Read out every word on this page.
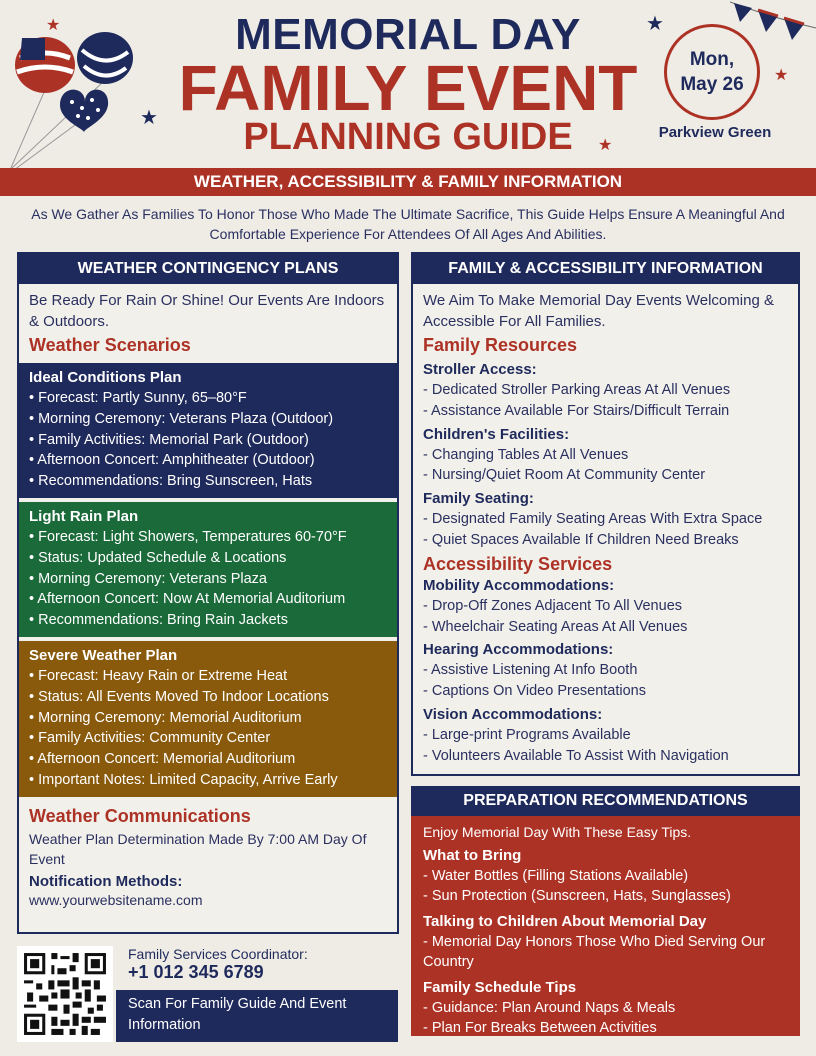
★
★
★
★
★
MEMORIAL DAY
FAMILY EVENT
PLANNING GUIDE
Mon,
May 26
Parkview Green
WEATHER, ACCESSIBILITY & FAMILY INFORMATION
As We Gather As Families To Honor Those Who Made The Ultimate Sacrifice, This Guide Helps Ensure A Meaningful And Comfortable Experience For Attendees Of All Ages And Abilities.
WEATHER CONTINGENCY PLANS
Be Ready For Rain Or Shine! Our Events Are Indoors & Outdoors.
Weather Scenarios
Ideal Conditions Plan
• Forecast: Partly Sunny, 65–80°F
• Morning Ceremony: Veterans Plaza (Outdoor)
• Family Activities: Memorial Park (Outdoor)
• Afternoon Concert: Amphitheater (Outdoor)
• Recommendations: Bring Sunscreen, Hats
Light Rain Plan
• Forecast: Light Showers, Temperatures 60-70°F
• Status: Updated Schedule & Locations
• Morning Ceremony: Veterans Plaza
• Afternoon Concert: Now At Memorial Auditorium
• Recommendations: Bring Rain Jackets
Severe Weather Plan
• Forecast: Heavy Rain or Extreme Heat
• Status: All Events Moved To Indoor Locations
• Morning Ceremony: Memorial Auditorium
• Family Activities: Community Center
• Afternoon Concert: Memorial Auditorium
• Important Notes: Limited Capacity, Arrive Early
Weather Communications
Weather Plan Determination Made By 7:00 AM Day Of Event
Notification Methods:
www.yourwebsitename.com
FAMILY & ACCESSIBILITY INFORMATION
We Aim To Make Memorial Day Events Welcoming & Accessible For All Families.
Family Resources
Stroller Access:
- Dedicated Stroller Parking Areas At All Venues
- Assistance Available For Stairs/Difficult Terrain
Children's Facilities:
- Changing Tables At All Venues
- Nursing/Quiet Room At Community Center
Family Seating:
- Designated Family Seating Areas With Extra Space
- Quiet Spaces Available If Children Need Breaks
Accessibility Services
Mobility Accommodations:
- Drop-Off Zones Adjacent To All Venues
- Wheelchair Seating Areas At All Venues
Hearing Accommodations:
- Assistive Listening At Info Booth
- Captions On Video Presentations
Vision Accommodations:
- Large-print Programs Available
- Volunteers Available To Assist With Navigation
PREPARATION RECOMMENDATIONS
Enjoy Memorial Day With These Easy Tips.
What to Bring
- Water Bottles (Filling Stations Available)
- Sun Protection (Sunscreen, Hats, Sunglasses)
Talking to Children About Memorial Day
- Memorial Day Honors Those Who Died Serving Our Country
Family Schedule Tips
- Guidance: Plan Around Naps & Meals
- Plan For Breaks Between Activities
Family Services Coordinator:
+1 012 345 6789
Scan For Family Guide And Event Information
